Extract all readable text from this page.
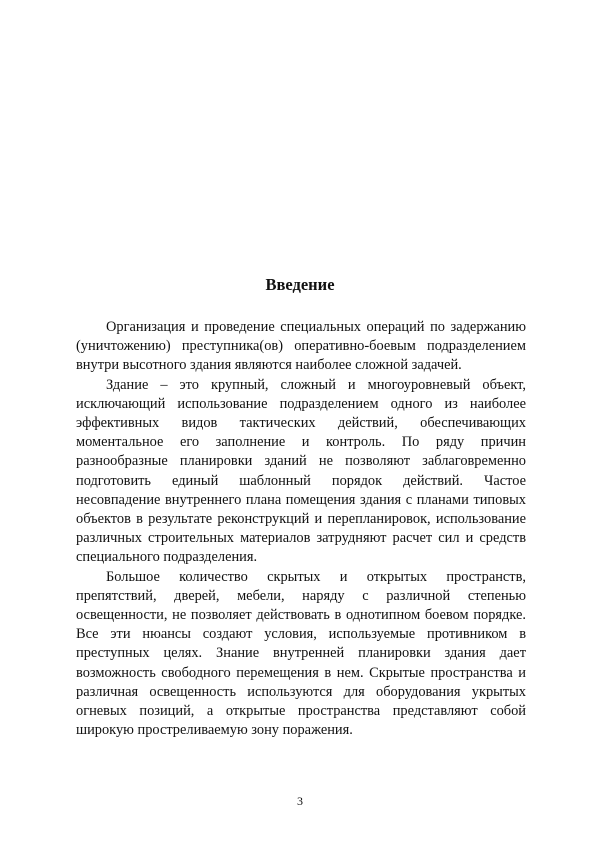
Введение

Организация и проведение специальных операций по задержанию (уничтожению) преступника(ов) оперативно-боевым подразделением внутри высотного здания являются наиболее сложной задачей.

Здание – это крупный, сложный и многоуровневый объект, исключающий использование подразделением одного из наиболее эффективных видов тактических действий, обеспечивающих моментальное его заполнение и контроль. По ряду причин разнообразные планировки зданий не позволяют заблаговременно подготовить единый шаблонный порядок действий. Частое несовпадение внутреннего плана помещения здания с планами типовых объектов в результате реконструкций и перепланировок, использование различных строительных материалов затрудняют расчет сил и средств специального подразделения.

Большое количество скрытых и открытых пространств, препятствий, дверей, мебели, наряду с различной степенью освещенности, не позволяет действовать в однотипном боевом порядке. Все эти нюансы создают условия, используемые противником в преступных целях. Знание внутренней планировки здания дает возможность свободного перемещения в нем. Скрытые пространства и различная освещенность используются для оборудования укрытых огневых позиций, а открытые пространства представляют собой широкую простреливаемую зону поражения.

3
